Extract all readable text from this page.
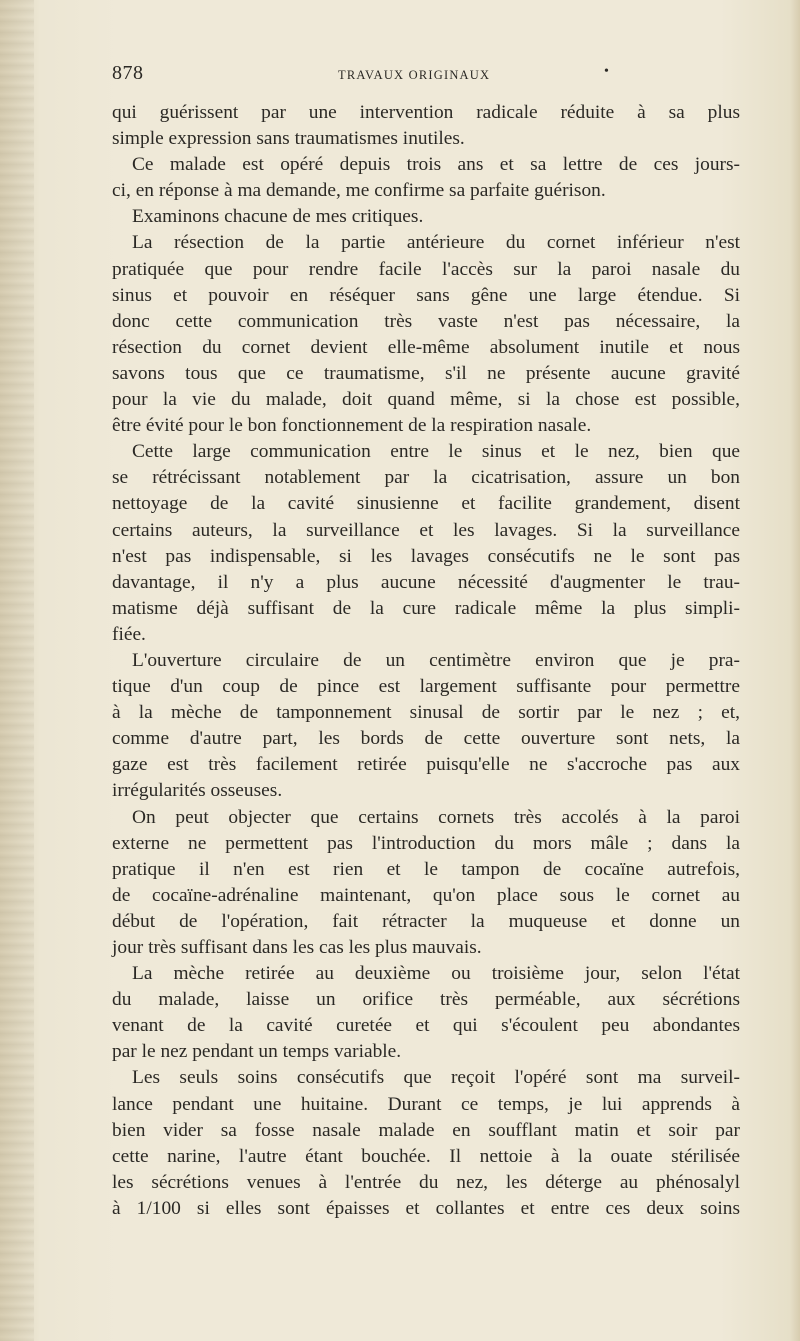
878	TRAVAUX ORIGINAUX	•
qui guérissent par une intervention radicale réduite à sa plus
simple expression sans traumatismes inutiles.
Ce malade est opéré depuis trois ans et sa lettre de ces jours-
ci, en réponse à ma demande, me confirme sa parfaite guérison.
Examinons chacune de mes critiques.
La résection de la partie antérieure du cornet inférieur n'est
pratiquée que pour rendre facile l'accès sur la paroi nasale du
sinus et pouvoir en réséquer sans gêne une large étendue. Si
donc cette communication très vaste n'est pas nécessaire, la
résection du cornet devient elle-même absolument inutile et nous
savons tous que ce traumatisme, s'il ne présente aucune gravité
pour la vie du malade, doit quand même, si la chose est possible,
être évité pour le bon fonctionnement de la respiration nasale.
Cette large communication entre le sinus et le nez, bien que
se rétrécissant notablement par la cicatrisation, assure un bon
nettoyage de la cavité sinusienne et facilite grandement, disent
certains auteurs, la surveillance et les lavages. Si la surveillance
n'est pas indispensable, si les lavages consécutifs ne le sont pas
davantage, il n'y a plus aucune nécessité d'augmenter le trau-
matisme déjà suffisant de la cure radicale même la plus simpli-
fiée.
L'ouverture circulaire de un centimètre environ que je pra-
tique d'un coup de pince est largement suffisante pour permettre
à la mèche de tamponnement sinusal de sortir par le nez ; et,
comme d'autre part, les bords de cette ouverture sont nets, la
gaze est très facilement retirée puisqu'elle ne s'accroche pas aux
irrégularités osseuses.
On peut objecter que certains cornets très accolés à la paroi
externe ne permettent pas l'introduction du mors mâle ; dans la
pratique il n'en est rien et le tampon de cocaïne autrefois,
de cocaïne-adrénaline maintenant, qu'on place sous le cornet au
début de l'opération, fait rétracter la muqueuse et donne un
jour très suffisant dans les cas les plus mauvais.
La mèche retirée au deuxième ou troisième jour, selon l'état
du malade, laisse un orifice très perméable, aux sécrétions
venant de la cavité curetée et qui s'écoulent peu abondantes
par le nez pendant un temps variable.
Les seuls soins consécutifs que reçoit l'opéré sont ma surveil-
lance pendant une huitaine. Durant ce temps, je lui apprends à
bien vider sa fosse nasale malade en soufflant matin et soir par
cette narine, l'autre étant bouchée. Il nettoie à la ouate stérilisée
les sécrétions venues à l'entrée du nez, les déterge au phénosalyl
à 1/100 si elles sont épaisses et collantes et entre ces deux soins
